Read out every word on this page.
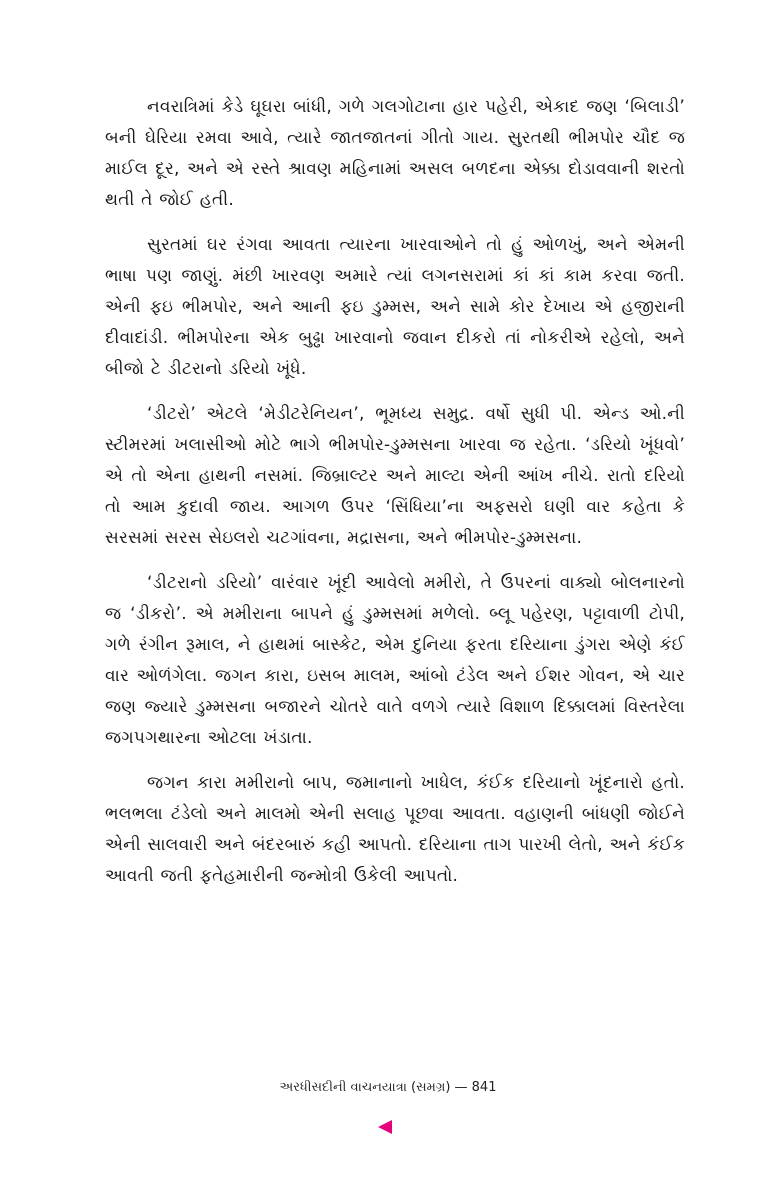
નવરાત્રિમાં કેડે ઘૂઘરા બાંધી, ગળે ગલગોટાના હાર પહેરી, એકાદ જણ ‘બિલાડી’ બની ઘેરિયા રમવા આવે, ત્યારે જાતજાતનાં ગીતો ગાય. સુરતથી ભીમપોર ચૌદ જ માઈલ દૂર, અને એ રસ્તે શ્રાવણ મહિનામાં અસલ બળદના એક્કા દોડાવવાની શરતો થતી તે જોઈ હતી.

સુરતમાં ઘર રંગવા આવતા ત્યારના ખારવાઓને તો હું ઓળખું, અને એમની ભાષા પણ જાણું. મંછી ખારવણ અમારે ત્યાં લગનસરામાં કાં કાં કામ કરવા જતી. એની ફઇ ભીમપોર, અને આની ફઇ ડુમ્મસ, અને સામે કોર દેખાય એ હજીરાની દીવાદાંડી. ભીમપોરના એક બુઢ્ઢા ખારવાનો જવાન દીકરો તાં નોકરીએ રહેલો, અને બીજો ટે ડીટરાનો ડરિયો ખૂંધે.

‘ડીટરો’ એટલે ‘મેડીટરેનિયન’, ભૂમધ્ય સમુદ્ર. વર્ષો સુધી પી. એન્ડ ઓ.ની સ્ટીમરમાં ખલાસીઓ મોટે ભાગે ભીમપોર-ડુમ્મસના ખારવા જ રહેતા. ‘ડરિયો ખૂંધવો’ એ તો એના હાથની નસમાં. જિબ્રાલ્ટર અને માલ્ટા એની આંખ નીચે. રાતો દરિયો તો આમ કુદાવી જાય. આગળ ઉપર ‘સિંધિયા’ના અફસરો ઘણી વાર કહેતા કે સરસમાં સરસ સેઇલરો ચટગાંવના, મદ્રાસના, અને ભીમપોર-ડુમ્મસના.

‘ડીટરાનો ડરિયો’ વારંવાર ખૂંદી આવેલો મમીરો, તે ઉપરનાં વાક્યો બોલનારનો જ ‘ડીકરો’. એ મમીરાના બાપને હું ડુમ્મસમાં મળેલો. બ્લૂ પહેરણ, પટ્ટાવાળી ટોપી, ગળે રંગીન રૂમાલ, ને હાથમાં બાસ્કેટ, એમ દુનિયા ફરતા દરિયાના ડુંગરા એણે કંઈ વાર ઓળંગેલા. જગન કારા, ઇસબ માલમ, આંબો ટંડેલ અને ઈશર ગોવન, એ ચાર જણ જ્યારે ડુમ્મસના બજારને ચોતરે વાતે વળગે ત્યારે વિશાળ દિક્કાલમાં વિસ્તરેલા જગપગથારના ઓટલા ખંડાતા.

જગન કારા મમીરાનો બાપ, જમાનાનો ખાધેલ, કંઈક દરિયાનો ખૂંદનારો હતો. ભલભલા ટંડેલો અને માલમો એની સલાહ પૂછવા આવતા. વહાણની બાંધણી જોઈને એની સાલવારી અને બંદરબારું કહી આપતો. દરિયાના તાગ પારખી લેતો, અને કંઈક આવતી જતી ફતેહમારીની જન્મોત્રી ઉકેલી આપતો.

અરધીસદીની વાચનયાત્રા (સમગ્ર) — 841
